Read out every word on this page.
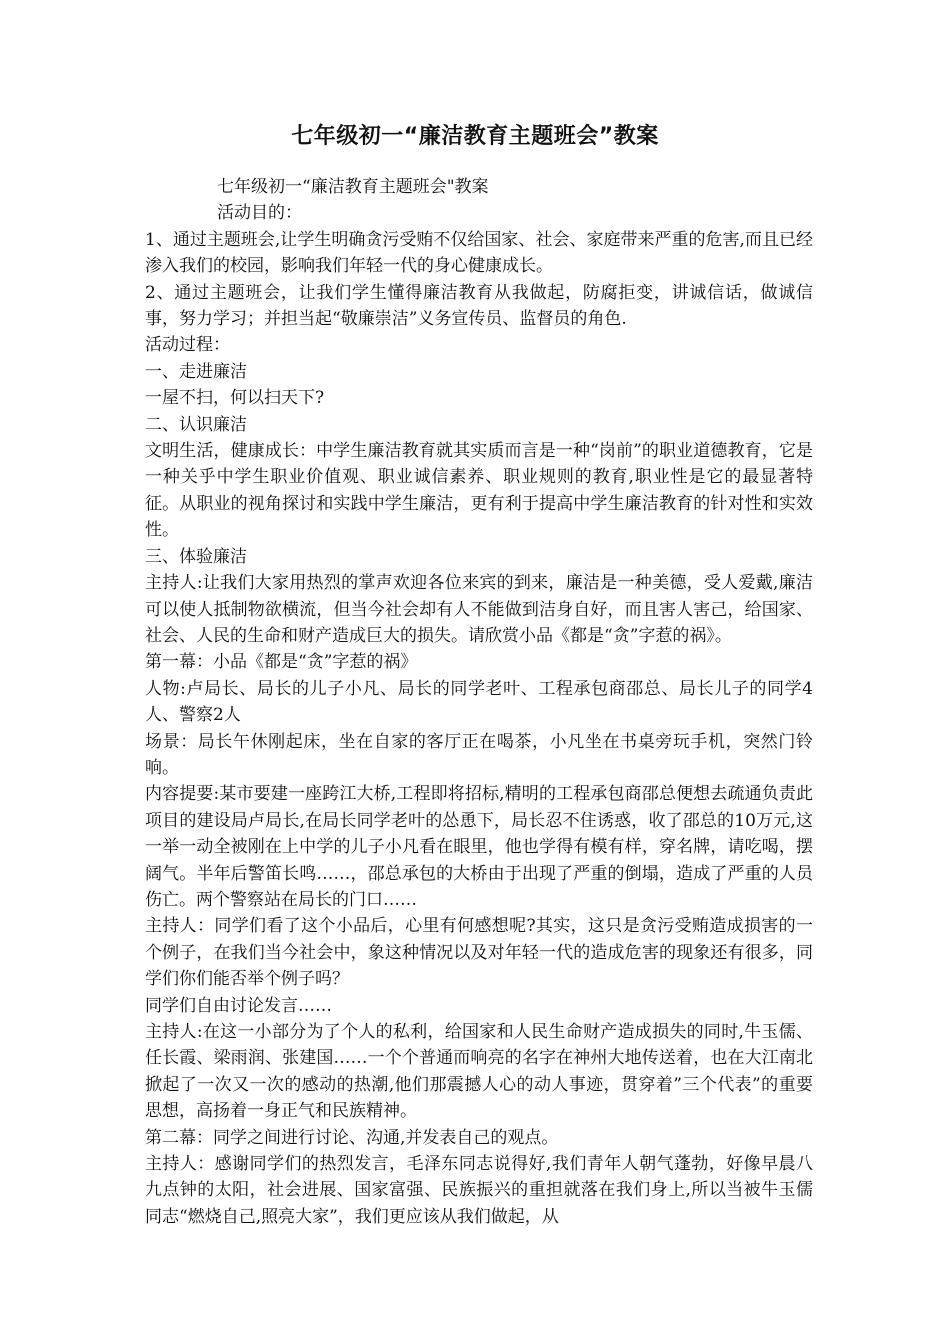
七年级初一“廉洁教育主题班会”教案

七年级初一“廉洁教育主题班会"教案

活动目的：

1、通过主题班会,让学生明确贪污受贿不仅给国家、社会、家庭带来严重的危害,而且已经渗入我们的校园，影响我们年轻一代的身心健康成长。

2、通过主题班会，让我们学生懂得廉洁教育从我做起，防腐拒变，讲诚信话，做诚信事，努力学习；并担当起“敬廉崇洁”义务宣传员、监督员的角色.

活动过程：

一、走进廉洁

一屋不扫，何以扫天下?

二、认识廉洁

文明生活，健康成长：中学生廉洁教育就其实质而言是一种“岗前”的职业道德教育，它是一种关乎中学生职业价值观、职业诚信素养、职业规则的教育,职业性是它的最显著特征。从职业的视角探讨和实践中学生廉洁，更有利于提高中学生廉洁教育的针对性和实效性。

三、体验廉洁

主持人:让我们大家用热烈的掌声欢迎各位来宾的到来，廉洁是一种美德，受人爱戴,廉洁可以使人抵制物欲横流，但当今社会却有人不能做到洁身自好，而且害人害己，给国家、社会、人民的生命和财产造成巨大的损失。请欣赏小品《都是“贪”字惹的祸》。

第一幕：小品《都是“贪”字惹的祸》

人物:卢局长、局长的儿子小凡、局长的同学老叶、工程承包商邵总、局长儿子的同学4人、警察2人

场景：局长午休刚起床，坐在自家的客厅正在喝茶，小凡坐在书桌旁玩手机，突然门铃响。

内容提要:某市要建一座跨江大桥,工程即将招标,精明的工程承包商邵总便想去疏通负责此项目的建设局卢局长,在局长同学老叶的怂恿下，局长忍不住诱惑，收了邵总的10万元,这一举一动全被刚在上中学的儿子小凡看在眼里，他也学得有模有样，穿名牌，请吃喝，摆阔气。半年后警笛长鸣……，邵总承包的大桥由于出现了严重的倒塌，造成了严重的人员伤亡。两个警察站在局长的门口……

主持人：同学们看了这个小品后，心里有何感想呢?其实，这只是贪污受贿造成损害的一个例子，在我们当今社会中，象这种情况以及对年轻一代的造成危害的现象还有很多，同学们你们能否举个例子吗？

同学们自由讨论发言……

主持人:在这一小部分为了个人的私利，给国家和人民生命财产造成损失的同时,牛玉儒、任长霞、梁雨润、张建国……一个个普通而响亮的名字在神州大地传送着，也在大江南北掀起了一次又一次的感动的热潮,他们那震撼人心的动人事迹，贯穿着”三个代表”的重要思想，高扬着一身正气和民族精神。

第二幕：同学之间进行讨论、沟通,并发表自己的观点。

主持人：感谢同学们的热烈发言，毛泽东同志说得好,我们青年人朝气蓬勃，好像早晨八九点钟的太阳，社会进展、国家富强、民族振兴的重担就落在我们身上,所以当被牛玉儒同志“燃烧自己,照亮大家”，我们更应该从我们做起，从
